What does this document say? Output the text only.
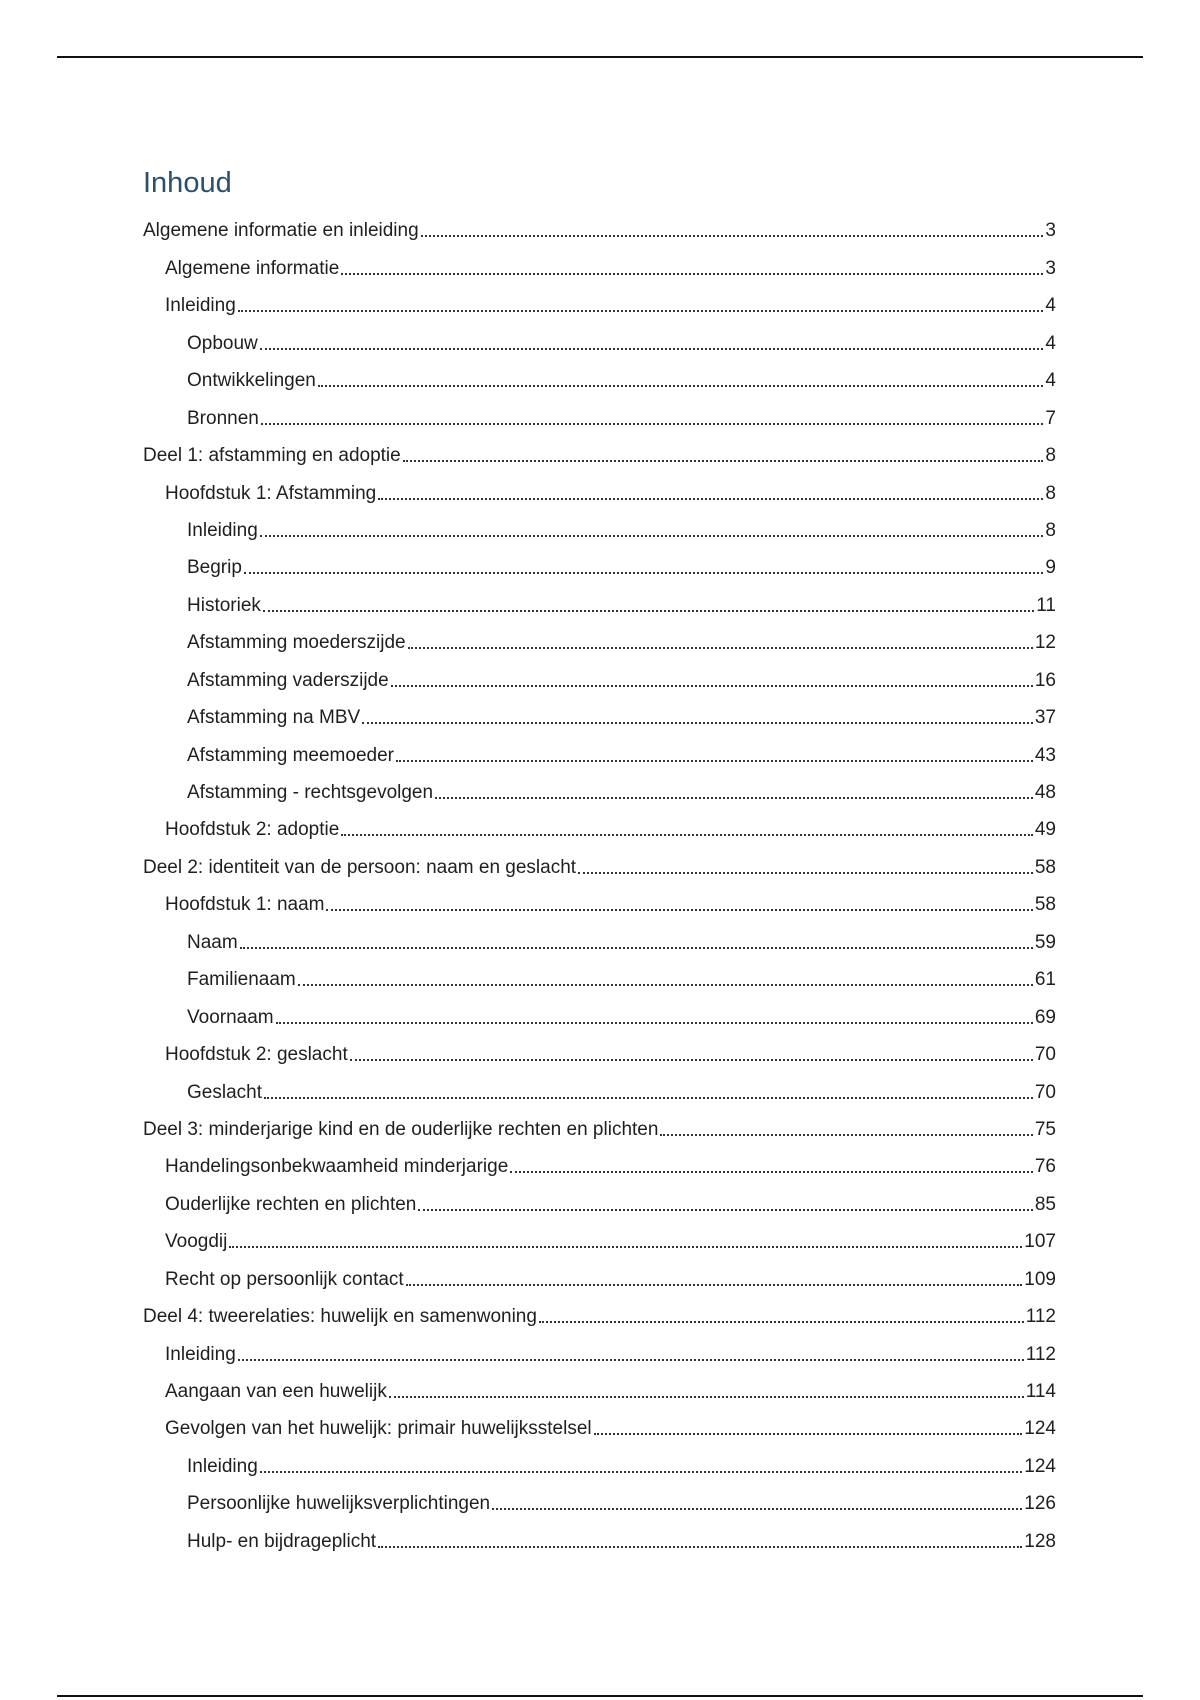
Inhoud
Algemene informatie en inleiding	3
Algemene informatie	3
Inleiding	4
Opbouw	4
Ontwikkelingen	4
Bronnen	7
Deel 1: afstamming en adoptie	8
Hoofdstuk 1: Afstamming	8
Inleiding	8
Begrip	9
Historiek	11
Afstamming moederszijde	12
Afstamming vaderszijde	16
Afstamming na MBV	37
Afstamming meemoeder	43
Afstamming - rechtsgevolgen	48
Hoofdstuk 2: adoptie	49
Deel 2: identiteit van de persoon: naam en geslacht	58
Hoofdstuk 1: naam	58
Naam	59
Familienaam	61
Voornaam	69
Hoofdstuk 2: geslacht	70
Geslacht	70
Deel 3: minderjarige kind en de ouderlijke rechten en plichten	75
Handelingsonbekwaamheid minderjarige	76
Ouderlijke rechten en plichten	85
Voogdij	107
Recht op persoonlijk contact	109
Deel 4: tweerelaties: huwelijk en samenwoning	112
Inleiding	112
Aangaan van een huwelijk	114
Gevolgen van het huwelijk: primair huwelijksstelsel	124
Inleiding	124
Persoonlijke huwelijksverplichtingen	126
Hulp- en bijdrageplicht	128
